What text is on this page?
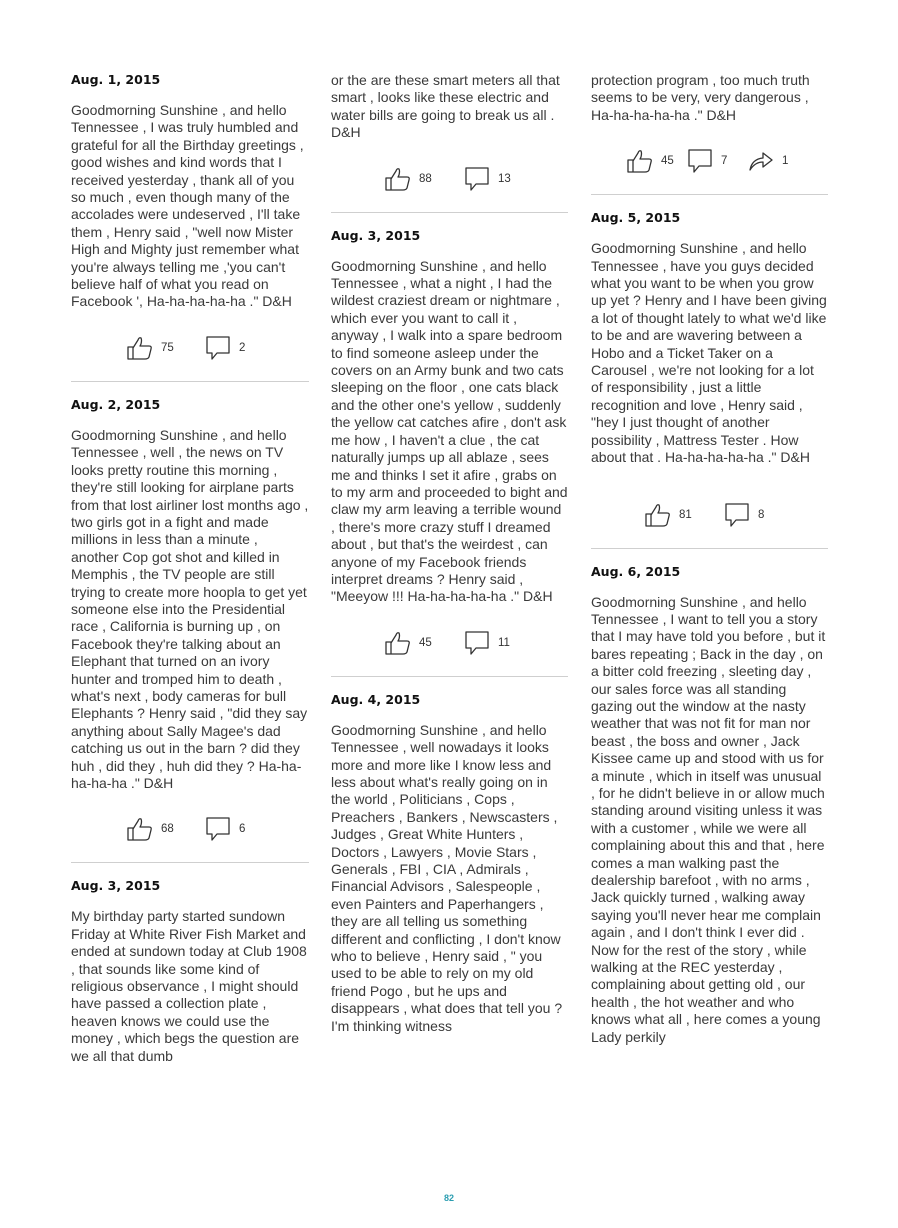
Aug. 1, 2015

Goodmorning Sunshine , and hello Tennessee , I was truly humbled and grateful for all the Birthday greetings , good wishes and kind words that I received yesterday , thank all of you so much , even though many of the accolades were undeserved , I'll take them , Henry said , "well now Mister High and Mighty just remember what you're always telling me ,'you can't believe half of what you read on Facebook ', Ha-ha-ha-ha-ha ." D&H

75	2

Aug. 2, 2015

Goodmorning Sunshine , and hello Tennessee , well , the news on TV looks pretty routine this morning , they're still looking for airplane parts from that lost airliner lost months ago , two girls got in a fight and made millions in less than a minute , another Cop got shot and killed in Memphis , the TV people are still trying to create more hoopla to get yet someone else into the Presidential race , California is burning up , on Facebook they're talking about an Elephant that turned on an ivory hunter and tromped him to death , what's next , body cameras for bull Elephants ? Henry said , "did they say anything about Sally Magee's dad catching us out in the barn ? did they huh , did they , huh did they ? Ha-ha-ha-ha-ha ." D&H

68	6

Aug. 3, 2015

My birthday party started sundown Friday at White River Fish Market and ended at sundown today at Club 1908 , that sounds like some kind of religious observance , I might should have passed a collection plate , heaven knows we could use the money , which begs the question are we all that dumb

or the are these smart meters all that smart , looks like these electric and water bills are going to break us all . D&H

88	13

Aug. 3, 2015

Goodmorning Sunshine , and hello Tennessee , what a night , I had the wildest craziest dream or nightmare , which ever you want to call it , anyway , I walk into a spare bedroom to find someone asleep under the covers on an Army bunk and two cats sleeping on the floor , one cats black and the other one's yellow , suddenly the yellow cat catches afire , don't ask me how , I haven't a clue , the cat naturally jumps up all ablaze , sees me and thinks I set it afire , grabs on to my arm and proceeded to bight and claw my arm leaving a terrible wound , there's more crazy stuff I dreamed about , but that's the weirdest , can anyone of my Facebook friends interpret dreams ? Henry said , "Meeyow !!! Ha-ha-ha-ha-ha ." D&H

45	11

Aug. 4, 2015

Goodmorning Sunshine , and hello Tennessee , well nowadays it looks more and more like I know less and less about what's really going on in the world , Politicians , Cops , Preachers , Bankers , Newscasters , Judges , Great White Hunters , Doctors , Lawyers , Movie Stars , Generals , FBI , CIA , Admirals , Financial Advisors , Salespeople , even Painters and Paperhangers , they are all telling us something different and conflicting , I don't know who to believe , Henry said , " you used to be able to rely on my old friend Pogo , but he ups and disappears , what does that tell you ? I'm thinking witness

protection program , too much truth seems to be very, very dangerous , Ha-ha-ha-ha-ha ." D&H

45	7	1

Aug. 5, 2015

Goodmorning Sunshine , and hello Tennessee , have you guys decided what you want to be when you grow up yet ? Henry and I have been giving a lot of thought lately to what we'd like to be and are wavering between a Hobo and a Ticket Taker on a Carousel , we're not looking for a lot of responsibility , just a little recognition and love , Henry said , "hey I just thought of another possibility , Mattress Tester . How about that . Ha-ha-ha-ha-ha ." D&H

81	8

Aug. 6, 2015

Goodmorning Sunshine , and hello Tennessee , I want to tell you a story that I may have told you before , but it bares repeating ; Back in the day , on a bitter cold freezing , sleeting day , our sales force was all standing gazing out the window at the nasty weather that was not fit for man nor beast , the boss and owner , Jack Kissee came up and stood with us for a minute , which in itself was unusual , for he didn't believe in or allow much standing around visiting unless it was with a customer , while we were all complaining about this and that , here comes a man walking past the dealership barefoot , with no arms , Jack quickly turned , walking away saying you'll never hear me complain again , and I don't think I ever did . Now for the rest of the story , while walking at the REC yesterday , complaining about getting old , our health , the hot weather and who knows what all , here comes a young Lady perkily

82
